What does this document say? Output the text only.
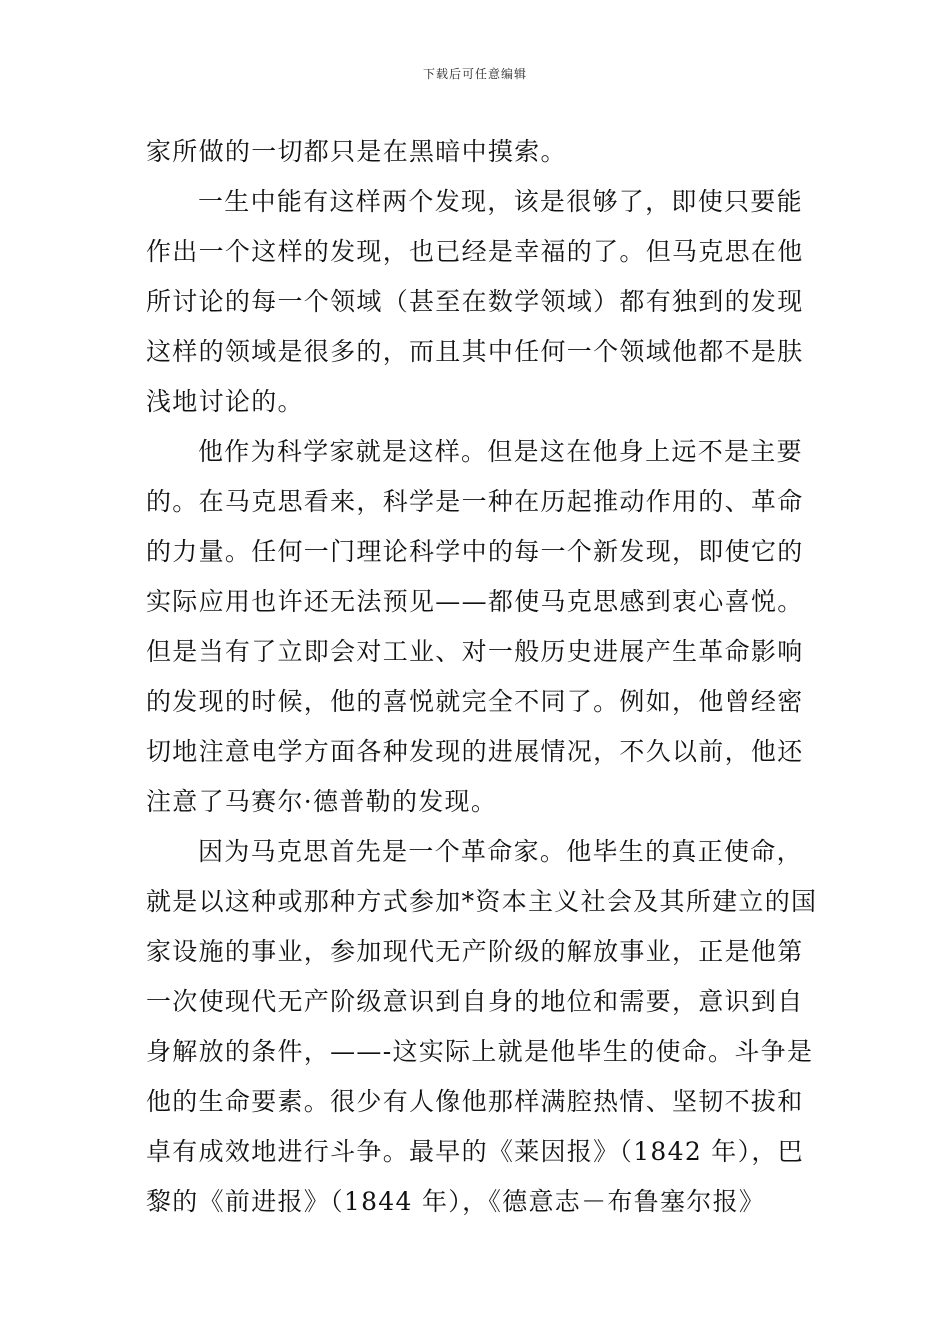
下载后可任意编辑

家所做的一切都只是在黑暗中摸索。

一生中能有这样两个发现，该是很够了，即使只要能
作出一个这样的发现，也已经是幸福的了。但马克思在他
所讨论的每一个领域（甚至在数学领域）都有独到的发现
这样的领域是很多的，而且其中任何一个领域他都不是肤
浅地讨论的。

他作为科学家就是这样。但是这在他身上远不是主要
的。在马克思看来，科学是一种在历起推动作用的、革命
的力量。任何一门理论科学中的每一个新发现，即使它的
实际应用也许还无法预见——都使马克思感到衷心喜悦。
但是当有了立即会对工业、对一般历史进展产生革命影响
的发现的时候，他的喜悦就完全不同了。例如，他曾经密
切地注意电学方面各种发现的进展情况，不久以前，他还
注意了马赛尔·德普勒的发现。

因为马克思首先是一个革命家。他毕生的真正使命，
就是以这种或那种方式参加*资本主义社会及其所建立的国
家设施的事业，参加现代无产阶级的解放事业，正是他第
一次使现代无产阶级意识到自身的地位和需要，意识到自
身解放的条件，——-这实际上就是他毕生的使命。斗争是
他的生命要素。很少有人像他那样满腔热情、坚韧不拔和
卓有成效地进行斗争。最早的《莱因报》（1842 年），巴
黎的《前进报》（1844 年），《德意志－布鲁塞尔报》
